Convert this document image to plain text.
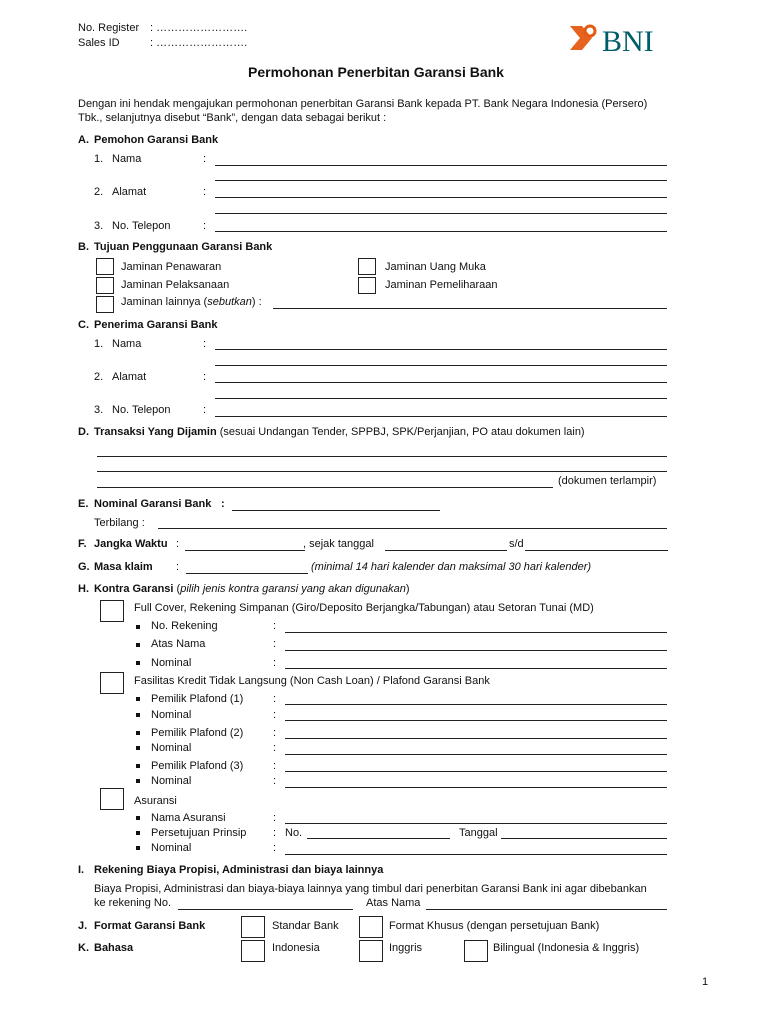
No. Register : …………………….
Sales ID	: …………………….	BNI
Permohonan Penerbitan Garansi Bank
Dengan ini hendak mengajukan permohonan penerbitan Garansi Bank kepada PT. Bank Negara Indonesia (Persero)
Tbk., selanjutnya disebut “Bank”, dengan data sebagai berikut :
A. Pemohon Garansi Bank
1. Nama	:
2. Alamat	:
3. No. Telepon	:
B. Tujuan Penggunaan Garansi Bank
Jaminan Penawaran
Jaminan Pelaksanaan
Jaminan lainnya (sebutkan) :
Jaminan Uang Muka
Jaminan Pemeliharaan
C. Penerima Garansi Bank
1. Nama	:
2. Alamat	:
3. No. Telepon	:
D. Transaksi Yang Dijamin (sesuai Undangan Tender, SPPBJ, SPK/Perjanjian, PO atau dokumen lain)
(dokumen terlampir)
E. Nominal Garansi Bank :
Terbilang :
F. Jangka Waktu :	, sejak tanggal	s/d
G. Masa klaim :	(minimal 14 hari kalender dan maksimal 30 hari kalender)
H. Kontra Garansi (pilih jenis kontra garansi yang akan digunakan)
Full Cover, Rekening Simpanan (Giro/Deposito Berjangka/Tabungan) atau Setoran Tunai (MD)
No. Rekening	:
Atas Nama	:
Nominal	:
Fasilitas Kredit Tidak Langsung (Non Cash Loan) / Plafond Garansi Bank
Pemilik Plafond (1)	:
Nominal	:
Pemilik Plafond (2)	:
Nominal	:
Pemilik Plafond (3)	:
Nominal	:
Asuransi
Nama Asuransi	:
Persetujuan Prinsip : No.	Tanggal
Nominal	:
I. Rekening Biaya Propisi, Administrasi dan biaya lainnya
Biaya Propisi, Administrasi dan biaya-biaya lainnya yang timbul dari penerbitan Garansi Bank ini agar dibebankan
ke rekening No.	Atas Nama
J. Format Garansi Bank	Standar Bank	Format Khusus (dengan persetujuan Bank)
K. Bahasa	Indonesia	Inggris	Bilingual (Indonesia & Inggris)
1
